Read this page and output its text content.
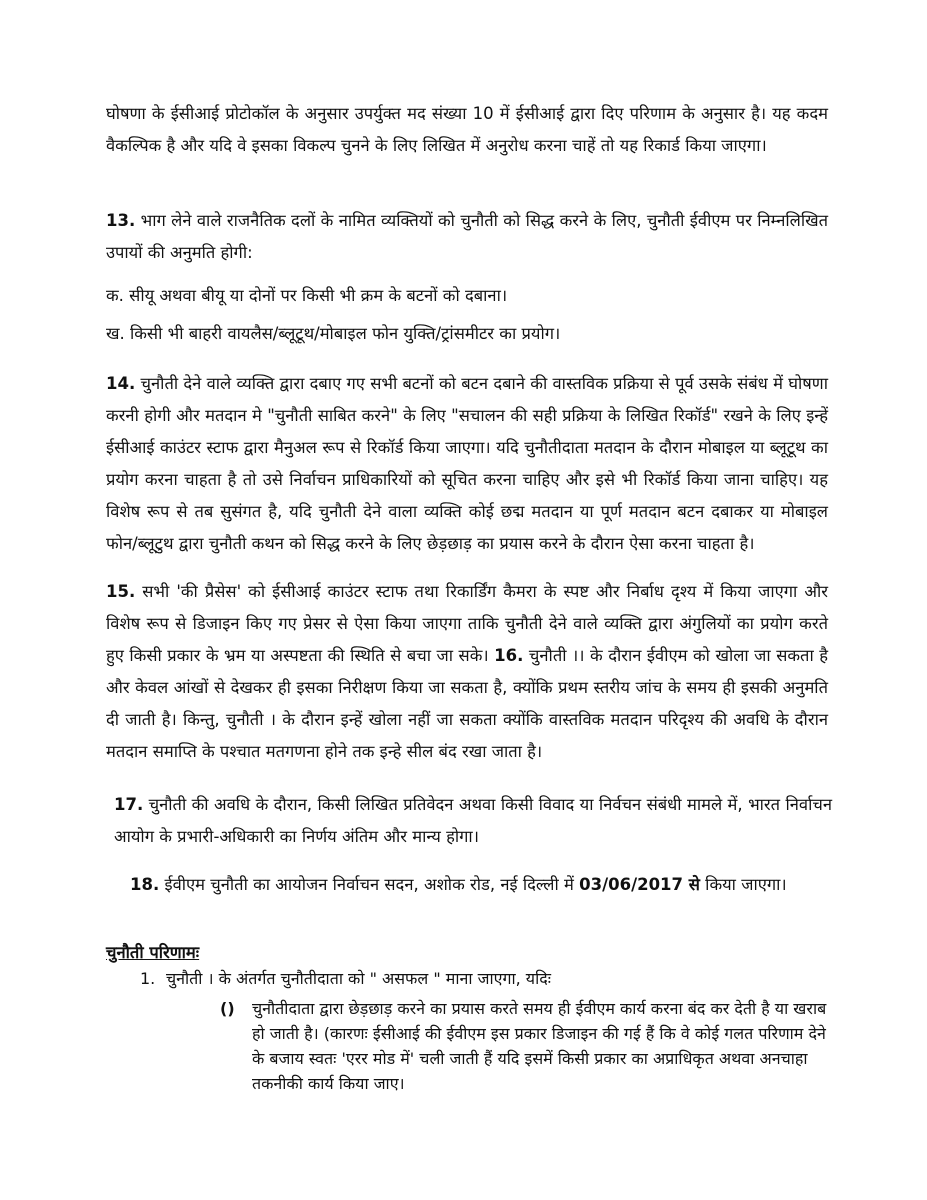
घोषणा के ईसीआई प्रोटोकॉल के अनुसार उपर्युक्त मद संख्या 10 में ईसीआई द्वारा दिए परिणाम के अनुसार है। यह कदम वैकल्पिक है और यदि वे इसका विकल्प चुनने के लिए लिखित में अनुरोध करना चाहें तो यह रिकार्ड किया जाएगा।

13. भाग लेने वाले राजनैतिक दलों के नामित व्यक्तियों को चुनौती को सिद्ध करने के लिए, चुनौती ईवीएम पर निम्नलिखित उपायों की अनुमति होगी:

क. सीयू अथवा बीयू या दोनों पर किसी भी क्रम के बटनों को दबाना।

ख. किसी भी बाहरी वायलैस/ब्लूटूथ/मोबाइल फोन युक्ति/ट्रांसमीटर का प्रयोग।

14. चुनौती देने वाले व्यक्ति द्वारा दबाए गए सभी बटनों को बटन दबाने की वास्तविक प्रक्रिया से पूर्व उसके संबंध में घोषणा करनी होगी और मतदान मे "चुनौती साबित करने" के लिए "सचालन की सही प्रक्रिया के लिखित रिकॉर्ड" रखने के लिए इन्हें ईसीआई काउंटर स्टाफ द्वारा मैनुअल रूप से रिकॉर्ड किया जाएगा। यदि चुनौतीदाता मतदान के दौरान मोबाइल या ब्लूटूथ का प्रयोग करना चाहता है तो उसे निर्वाचन प्राधिकारियों को सूचित करना चाहिए और इसे भी रिकॉर्ड किया जाना चाहिए। यह विशेष रूप से तब सुसंगत है, यदि चुनौती देने वाला व्यक्ति कोई छद्म मतदान या पूर्ण मतदान बटन दबाकर या मोबाइल फोन/ब्लूटुथ द्वारा चुनौती कथन को सिद्ध करने के लिए छेड़छाड़ का प्रयास करने के दौरान ऐसा करना चाहता है।

15. सभी 'की प्रैसेस' को ईसीआई काउंटर स्टाफ तथा रिकार्डिंग कैमरा के स्पष्ट और निर्बाध दृश्य में किया जाएगा और विशेष रूप से डिजाइन किए गए प्रेसर से ऐसा किया जाएगा ताकि चुनौती देने वाले व्यक्ति द्वारा अंगुलियों का प्रयोग करते हुए किसी प्रकार के भ्रम या अस्पष्टता की स्थिति से बचा जा सके। 16. चुनौती ।। के दौरान ईवीएम को खोला जा सकता है और केवल आंखों से देखकर ही इसका निरीक्षण किया जा सकता है, क्योंकि प्रथम स्तरीय जांच के समय ही इसकी अनुमति दी जाती है। किन्तु, चुनौती । के दौरान इन्हें खोला नहीं जा सकता क्योंकि वास्तविक मतदान परिदृश्य की अवधि के दौरान मतदान समाप्ति के पश्चात मतगणना होने तक इन्हे सील बंद रखा जाता है।

17. चुनौती की अवधि के दौरान, किसी लिखित प्रतिवेदन अथवा किसी विवाद या निर्वचन संबंधी मामले में, भारत निर्वाचन आयोग के प्रभारी-अधिकारी का निर्णय अंतिम और मान्य होगा।

18. ईवीएम चुनौती का आयोजन निर्वाचन सदन, अशोक रोड, नई दिल्ली में 03/06/2017 से किया जाएगा।

चुनौती परिणामः

1. चुनौती । के अंतर्गत चुनौतीदाता को " असफल " माना जाएगा, यदिः

() चुनौतीदाता द्वारा छेड़छाड़ करने का प्रयास करते समय ही ईवीएम कार्य करना बंद कर देती है या खराब हो जाती है। (कारणः ईसीआई की ईवीएम इस प्रकार डिजाइन की गई हैं कि वे कोई गलत परिणाम देने के बजाय स्वतः 'एरर मोड में' चली जाती हैं यदि इसमें किसी प्रकार का अप्राधिकृत अथवा अनचाहा तकनीकी कार्य किया जाए।
